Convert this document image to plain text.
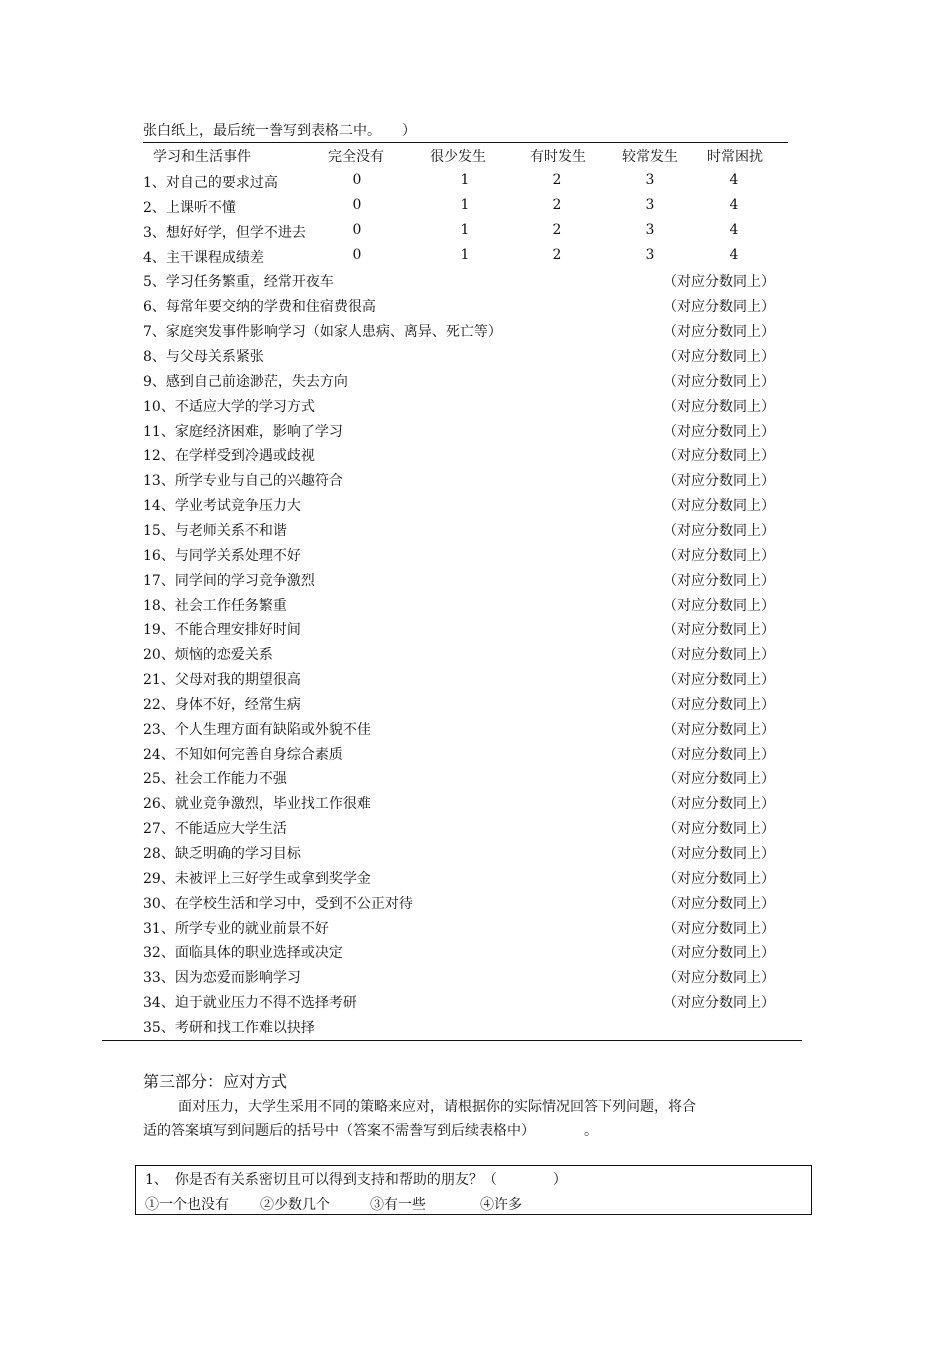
张白纸上，最后统一誊写到表格二中。　　）
学习和生活事件	完全没有	很少发生	有时发生	较常发生 时常困扰
1、对自己的要求过高	0	1	2	3	4
2、上课听不懂	0	1	2	3	4
3、想好好学，但学不进去	0	1	2	3	4
4、主干课程成绩差	0	1	2	3	4
5、学习任务繁重，经常开夜车	（对应分数同上）
6、每常年要交纳的学费和住宿费很高	（对应分数同上）
7、家庭突发事件影响学习（如家人患病、离异、死亡等）	（对应分数同上）
8、与父母关系紧张	（对应分数同上）
9、感到自己前途渺茫，失去方向	（对应分数同上）
10、不适应大学的学习方式	（对应分数同上）
11、家庭经济困难，影响了学习	（对应分数同上）
12、在学样受到冷遇或歧视	（对应分数同上）
13、所学专业与自己的兴趣符合	（对应分数同上）
14、学业考试竞争压力大	（对应分数同上）
15、与老师关系不和谐	（对应分数同上）
16、与同学关系处理不好	（对应分数同上）
17、同学间的学习竞争激烈	（对应分数同上）
18、社会工作任务繁重	（对应分数同上）
19、不能合理安排好时间	（对应分数同上）
20、烦恼的恋爱关系	（对应分数同上）
21、父母对我的期望很高	（对应分数同上）
22、身体不好，经常生病	（对应分数同上）
23、个人生理方面有缺陷或外貌不佳	（对应分数同上）
24、不知如何完善自身综合素质	（对应分数同上）
25、社会工作能力不强	（对应分数同上）
26、就业竞争激烈，毕业找工作很难	（对应分数同上）
27、不能适应大学生活	（对应分数同上）
28、缺乏明确的学习目标	（对应分数同上）
29、未被评上三好学生或拿到奖学金	（对应分数同上）
30、在学校生活和学习中，受到不公正对待	（对应分数同上）
31、所学专业的就业前景不好	（对应分数同上）
32、面临具体的职业选择或决定	（对应分数同上）
33、因为恋爱而影响学习	（对应分数同上）
34、迫于就业压力不得不选择考研	（对应分数同上）
35、考研和找工作难以抉择
第三部分：应对方式
面对压力，大学生采用不同的策略来应对，请根据你的实际情况回答下列问题，将合
适的答案填写到问题后的括号中（答案不需誊写到后续表格中）　　　　。
1、　你是否有关系密切且可以得到支持和帮助的朋友？（　　　　）
①一个也没有 ②少数几个	③有一些	④许多
